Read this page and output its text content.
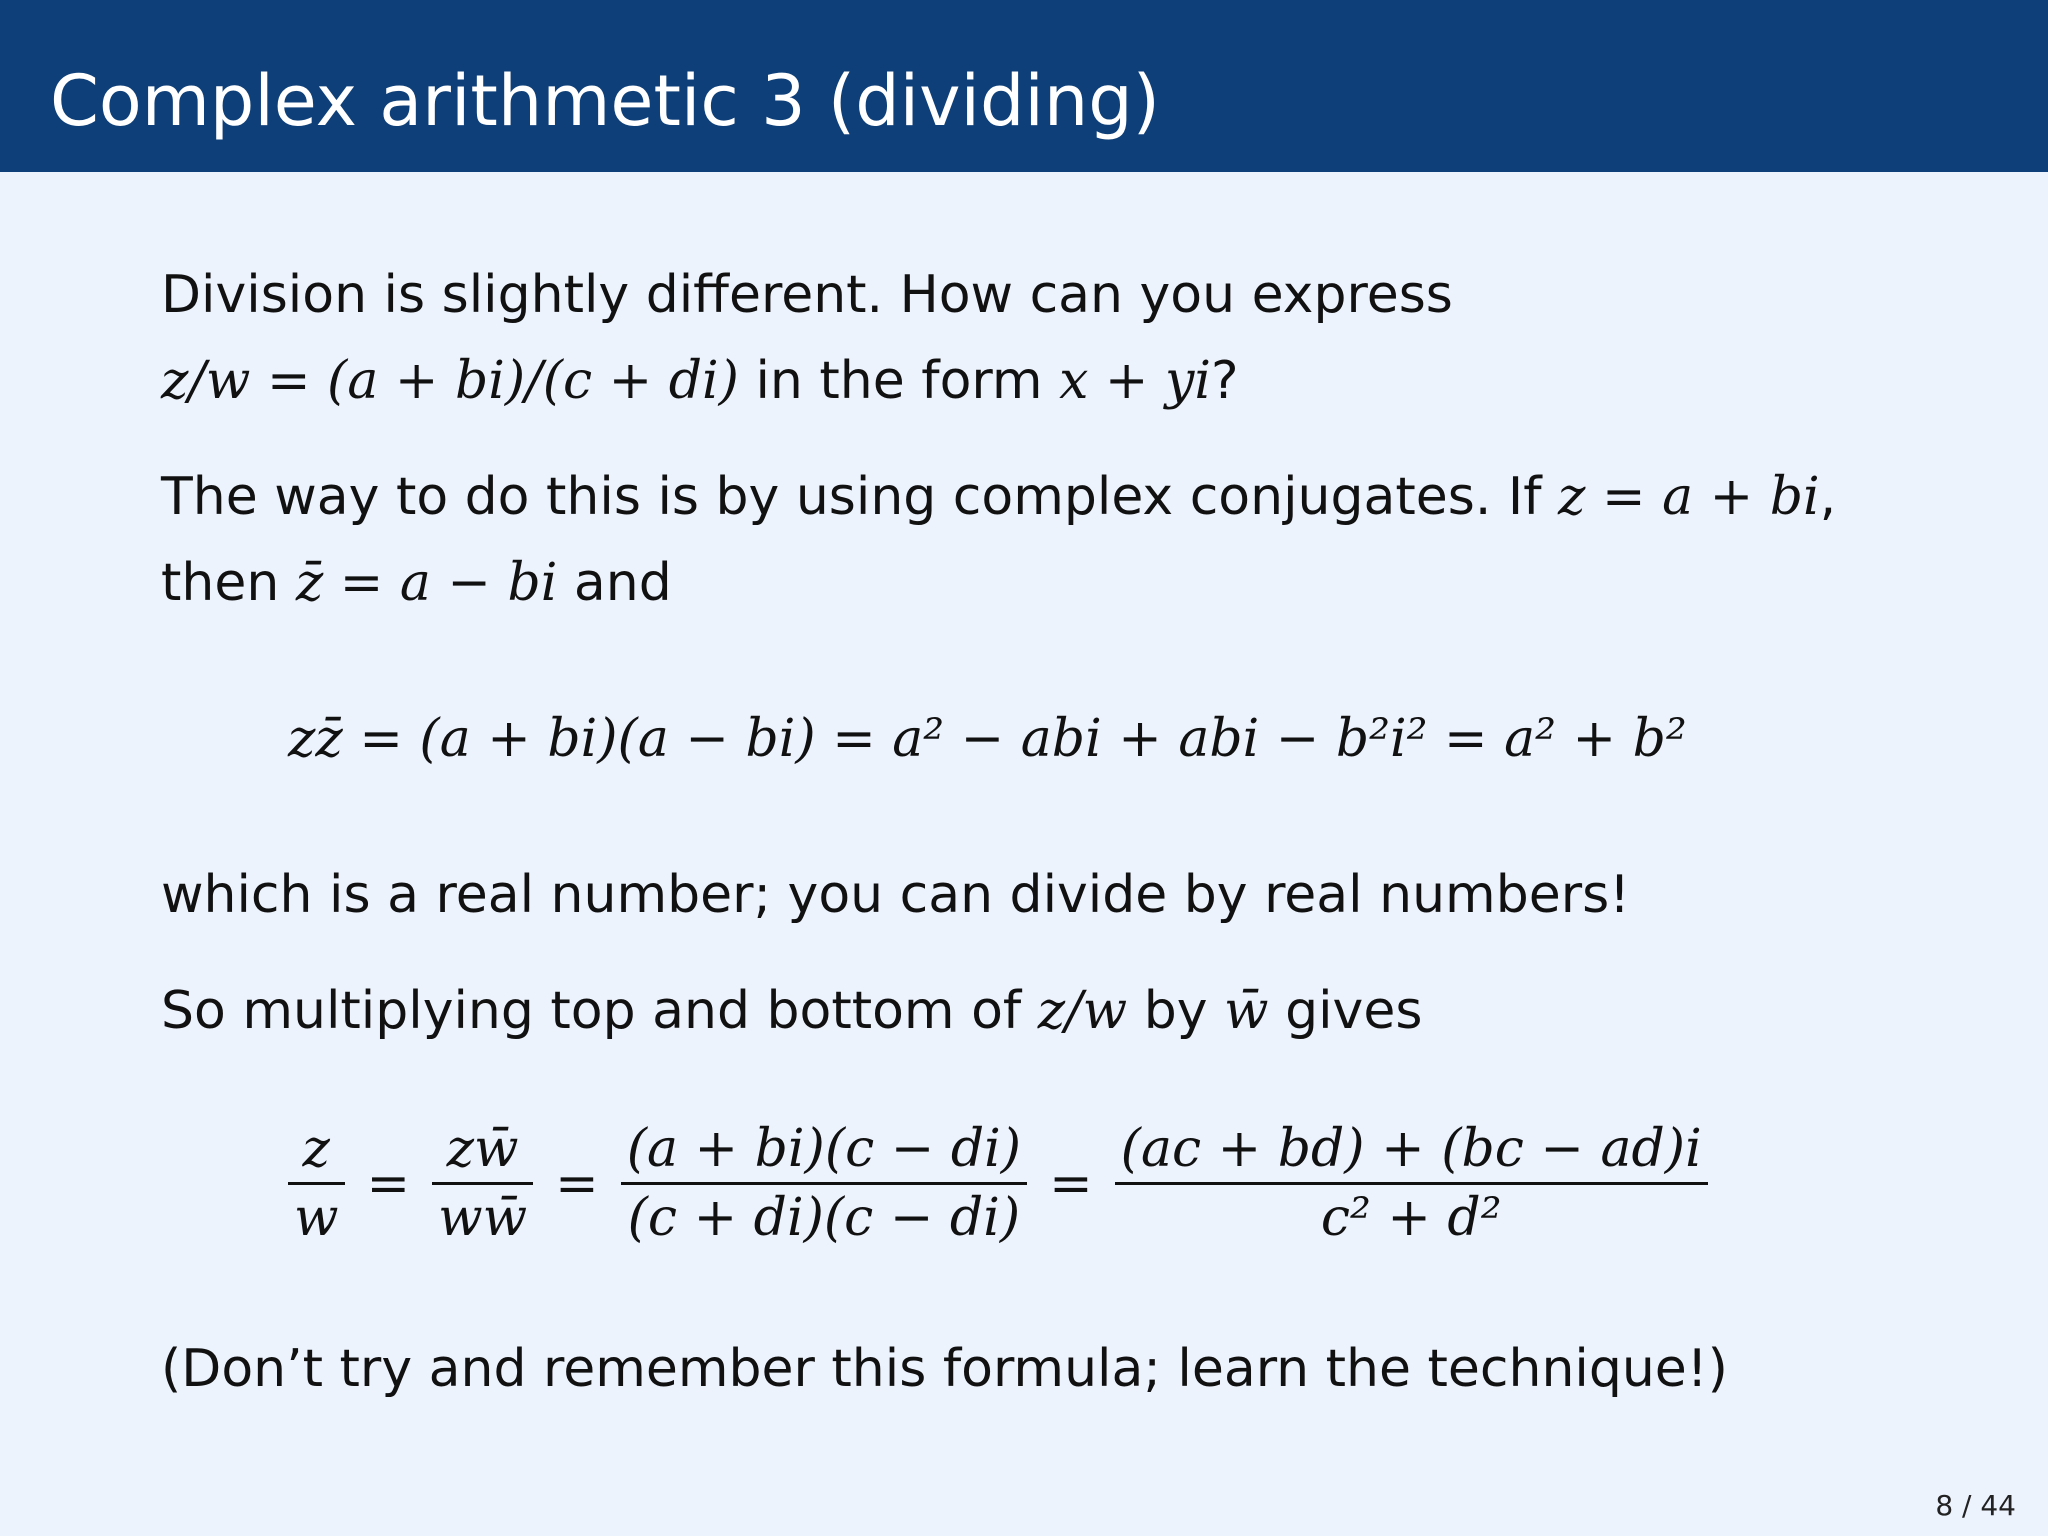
Complex arithmetic 3 (dividing)
Division is slightly different. How can you express
z/w = (a + bi)/(c + di) in the form x + yi?
The way to do this is by using complex conjugates. If z = a + bi,
then z̄ = a − bi and
zz̄ = (a + bi)(a − bi) = a² − abi + abi − b²i² = a² + b²
which is a real number; you can divide by real numbers!
So multiplying top and bottom of z/w by w̄ gives
$\frac{z}{w} = \frac{zw̄}{ww̄} = \frac{(a + bi)(c - di)}{(c + di)(c - di)} = \frac{(ac + bd) + (bc - ad)i}{\text{c² + d²}}$
(Don’t try and remember this formula; learn the technique!)
8 / 44
